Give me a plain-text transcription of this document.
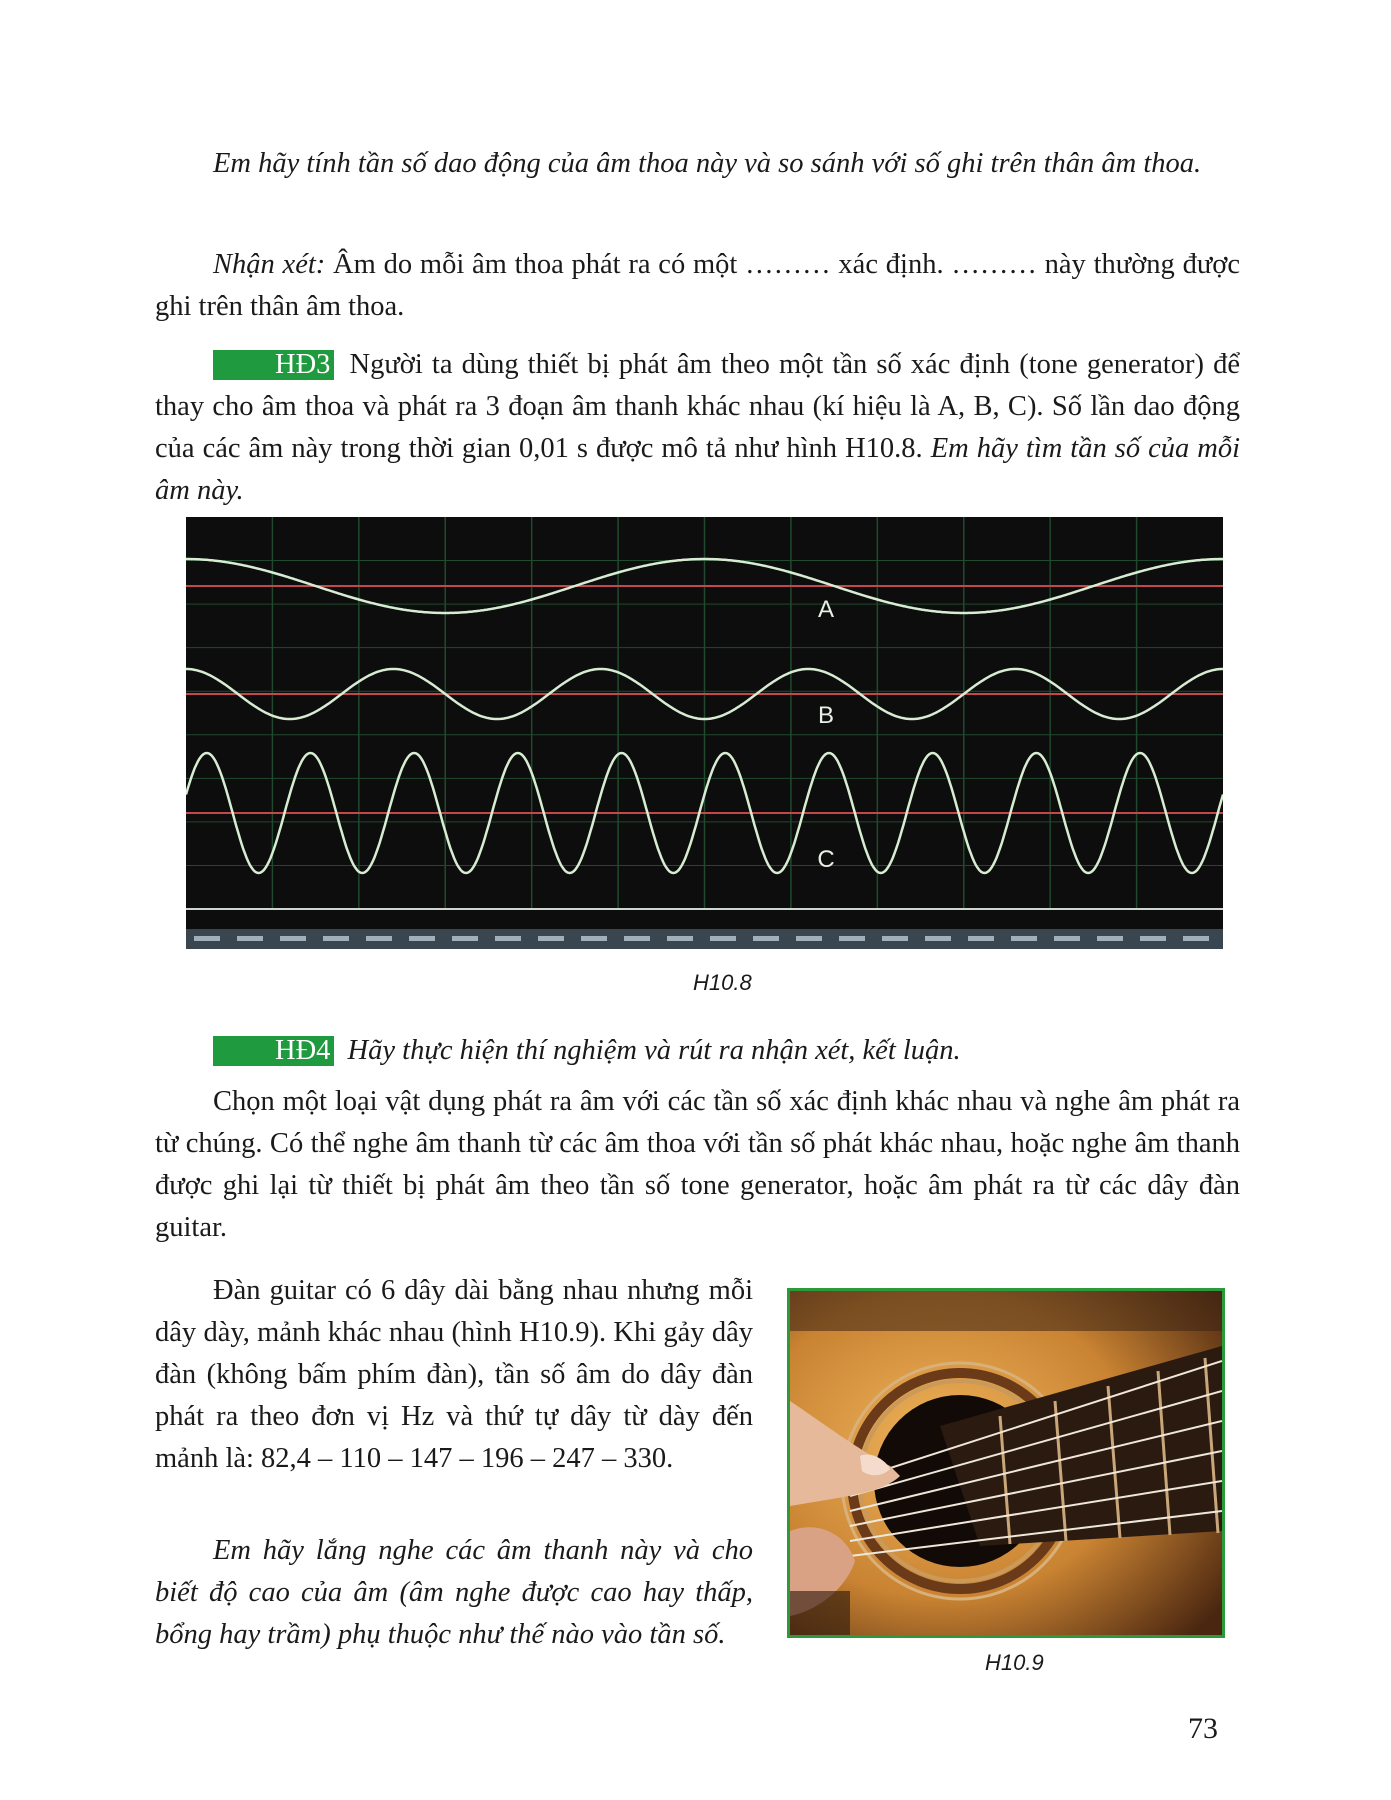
Em hãy tính tần số dao động của âm thoa này và so sánh với số ghi trên thân âm thoa.

Nhận xét: Âm do mỗi âm thoa phát ra có một ……… xác định. ……… này thường được ghi trên thân âm thoa.

HĐ3 Người ta dùng thiết bị phát âm theo một tần số xác định (tone generator) để thay cho âm thoa và phát ra 3 đoạn âm thanh khác nhau (kí hiệu là A, B, C). Số lần dao động của các âm này trong thời gian 0,01 s được mô tả như hình H10.8. Em hãy tìm tần số của mỗi âm này.

A
B
C
H10.8

HĐ4 Hãy thực hiện thí nghiệm và rút ra nhận xét, kết luận.

Chọn một loại vật dụng phát ra âm với các tần số xác định khác nhau và nghe âm phát ra từ chúng. Có thể nghe âm thanh từ các âm thoa với tần số phát khác nhau, hoặc nghe âm thanh được ghi lại từ thiết bị phát âm theo tần số tone generator, hoặc âm phát ra từ các dây đàn guitar.

Đàn guitar có 6 dây dài bằng nhau nhưng mỗi dây dày, mảnh khác nhau (hình H10.9). Khi gảy dây đàn (không bấm phím đàn), tần số âm do dây đàn phát ra theo đơn vị Hz và thứ tự dây từ dày đến mảnh là: 82,4 – 110 – 147 – 196 – 247 – 330.

Em hãy lắng nghe các âm thanh này và cho biết độ cao của âm (âm nghe được cao hay thấp, bổng hay trầm) phụ thuộc như thế nào vào tần số.

H10.9
73
